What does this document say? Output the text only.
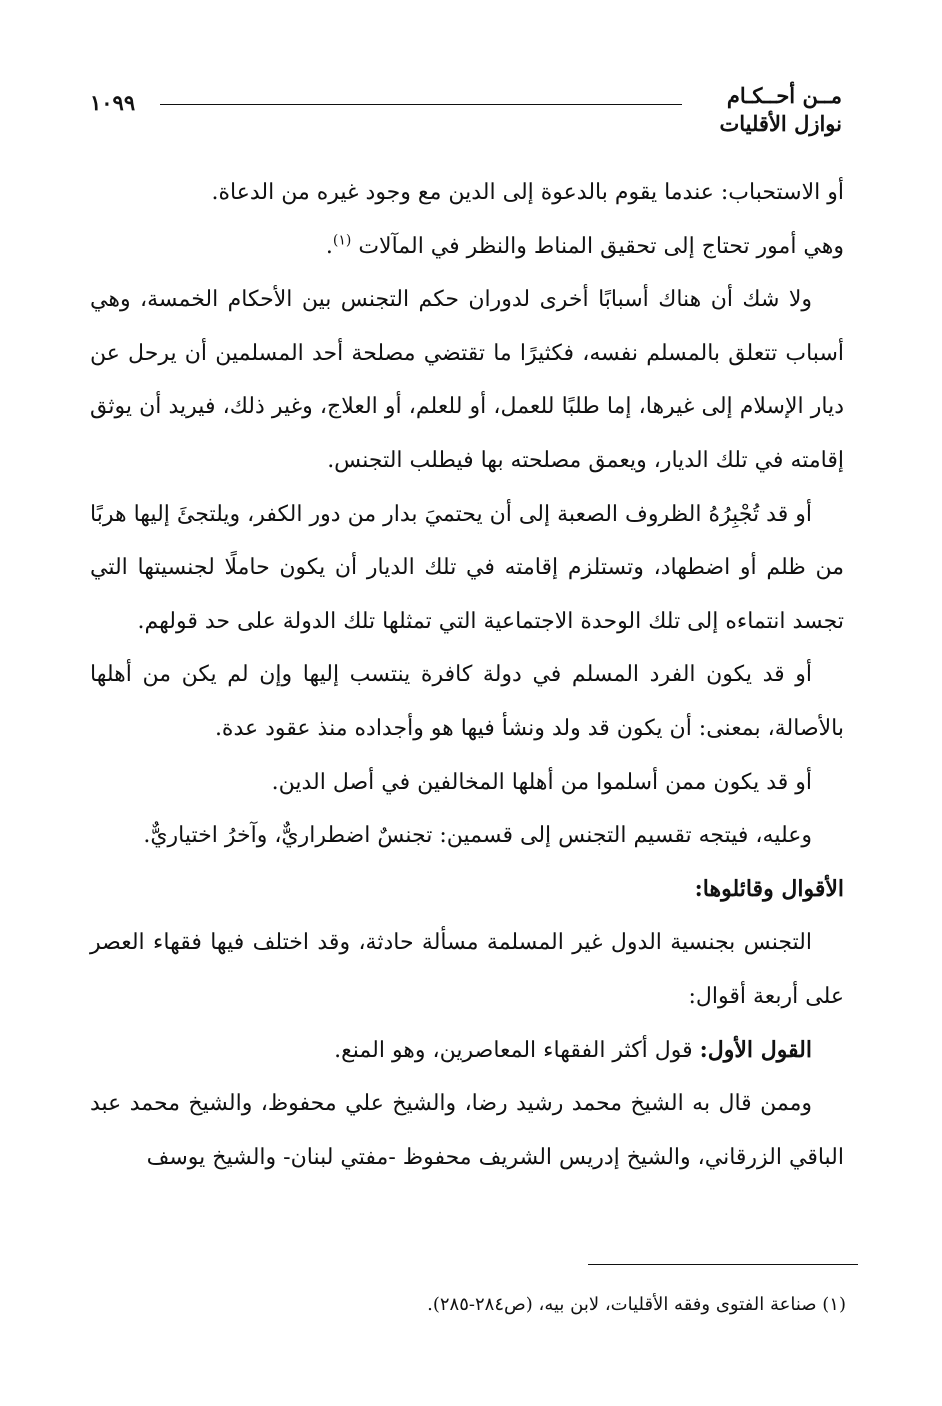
مــن أحــكـام
نوازل الأقليات
١٠٩٩

أو الاستحباب: عندما يقوم بالدعوة إلى الدين مع وجود غيره من الدعاة.

وهي أمور تحتاج إلى تحقيق المناط والنظر في المآلات $^{(١)}$.

ولا شك أن هناك أسبابًا أخرى لدوران حكم التجنس بين الأحكام الخمسة، وهي أسباب تتعلق بالمسلم نفسه، فكثيرًا ما تقتضي مصلحة أحد المسلمين أن يرحل عن ديار الإسلام إلى غيرها، إما طلبًا للعمل، أو للعلم، أو العلاج، وغير ذلك، فيريد أن يوثق إقامته في تلك الديار، ويعمق مصلحته بها فيطلب التجنس.

أو قد تُجْبِرُهُ الظروف الصعبة إلى أن يحتميَ بدار من دور الكفر، ويلتجئَ إليها هربًا من ظلم أو اضطهاد، وتستلزم إقامته في تلك الديار أن يكون حاملًا لجنسيتها التي تجسد انتماءه إلى تلك الوحدة الاجتماعية التي تمثلها تلك الدولة على حد قولهم.

أو قد يكون الفرد المسلم في دولة كافرة ينتسب إليها وإن لم يكن من أهلها بالأصالة، بمعنى: أن يكون قد ولد ونشأ فيها هو وأجداده منذ عقود عدة.

أو قد يكون ممن أسلموا من أهلها المخالفين في أصل الدين.

وعليه، فيتجه تقسيم التجنس إلى قسمين: تجنسٌ اضطراريٌّ، وآخرُ اختياريٌّ.

الأقوال وقائلوها:

التجنس بجنسية الدول غير المسلمة مسألة حادثة، وقد اختلف فيها فقهاء العصر على أربعة أقوال:

القول الأول: قول أكثر الفقهاء المعاصرين، وهو المنع.

وممن قال به الشيخ محمد رشيد رضا، والشيخ علي محفوظ، والشيخ محمد عبد الباقي الزرقاني، والشيخ إدريس الشريف محفوظ -مفتي لبنان- والشيخ يوسف

(١) صناعة الفتوى وفقه الأقليات، لابن بيه، (ص٢٨٤-٢٨٥).
